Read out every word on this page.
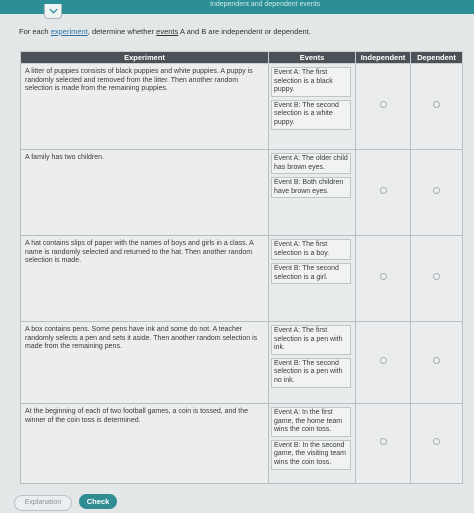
Independent and dependent events
For each experiment, determine whether events A and B are independent or dependent.
Experiment	Events	Independent	Dependent
A litter of puppies consists of black puppies and white puppies. A puppy is randomly selected and removed from the litter. Then another random selection is made from the remaining puppies.	Event A: The first selection is a black puppy.
Event B: The second selection is a white puppy.		

A family has two children.	Event A: The older child has brown eyes.
Event B: Both children have brown eyes.		

A hat contains slips of paper with the names of boys and girls in a class. A name is randomly selected and returned to the hat. Then another random selection is made.	Event A: The first selection is a boy.
Event B: The second selection is a girl.		

A box contains pens. Some pens have ink and some do not. A teacher randomly selects a pen and sets it aside. Then another random selection is made from the remaining pens.	Event A: The first selection is a pen with ink.
Event B: The second selection is a pen with no ink.		

At the beginning of each of two football games, a coin is tossed, and the winner of the coin toss is determined.	Event A: In the first game, the home team wins the coin toss.
Event B: In the second game, the visiting team wins the coin toss.		

Explanation	Check
